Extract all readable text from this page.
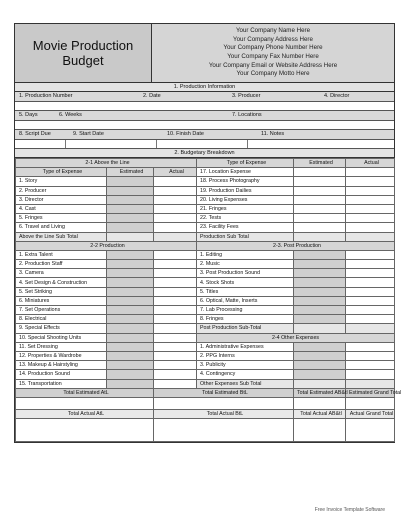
Movie Production
Budget
Your Company Name Here
Your Company Address Here
Your Company Phone Number Here
Your Company Fax Number Here
Your Company Email or Website Address Here
Your Company Motto Here
1. Production Information
1. Production Number	2. Date	3. Producer	4. Director
5. Days	6. Weeks	7. Locations
8. Script Due	9. Start Date	10. Finish Date	11. Notes
2. Budgetary Breakdown
2-1 Above the Line			Type of Expense	Estimated	Actual
Type of Expense	Estimated	Actual	17. Location Expense		
1. Story			18. Process Photography		
2. Producer			19. Production Dailies		
3. Director			20. Living Expenses		
4. Cast			21. Fringes		
5. Fringes			22. Tests		
6. Travel and Living			23. Facility Fees		
Above the Line Sub Total			Production Sub Total		
2-2 Production			2-3. Post Production		
1. Extra Talent			1. Editing		
2. Production Staff			2. Music		
3. Camera			3. Post Production Sound		
4. Set Design & Construction			4. Stock Shots		
5. Set Striking			5. Titles		
6. Miniatures			6. Optical, Matte, Inserts		
7. Set Operations			7. Lab Processing		
8. Electrical			8. Fringes		
9. Special Effects			Post Production Sub-Total		
10. Special Shooting Units			2-4 Other Expenses		
11. Set Dressing			1. Administrative Expenses		
12. Properties & Wardrobe			2. PPG Interns		
13. Makeup & Hairstyling			3. Publicity		
14. Production Sound			4. Contingency		
15. Transportation			Other Expenses Sub Total		
Total Estimated AtL		Total Estimated BtL		Total Estimated AB&tl	Estimated Grand Total

Total Actual AtL		Total Actual BtL		Total Actual AB&tl	Actual Grand Total

Free Invoice Template Software
